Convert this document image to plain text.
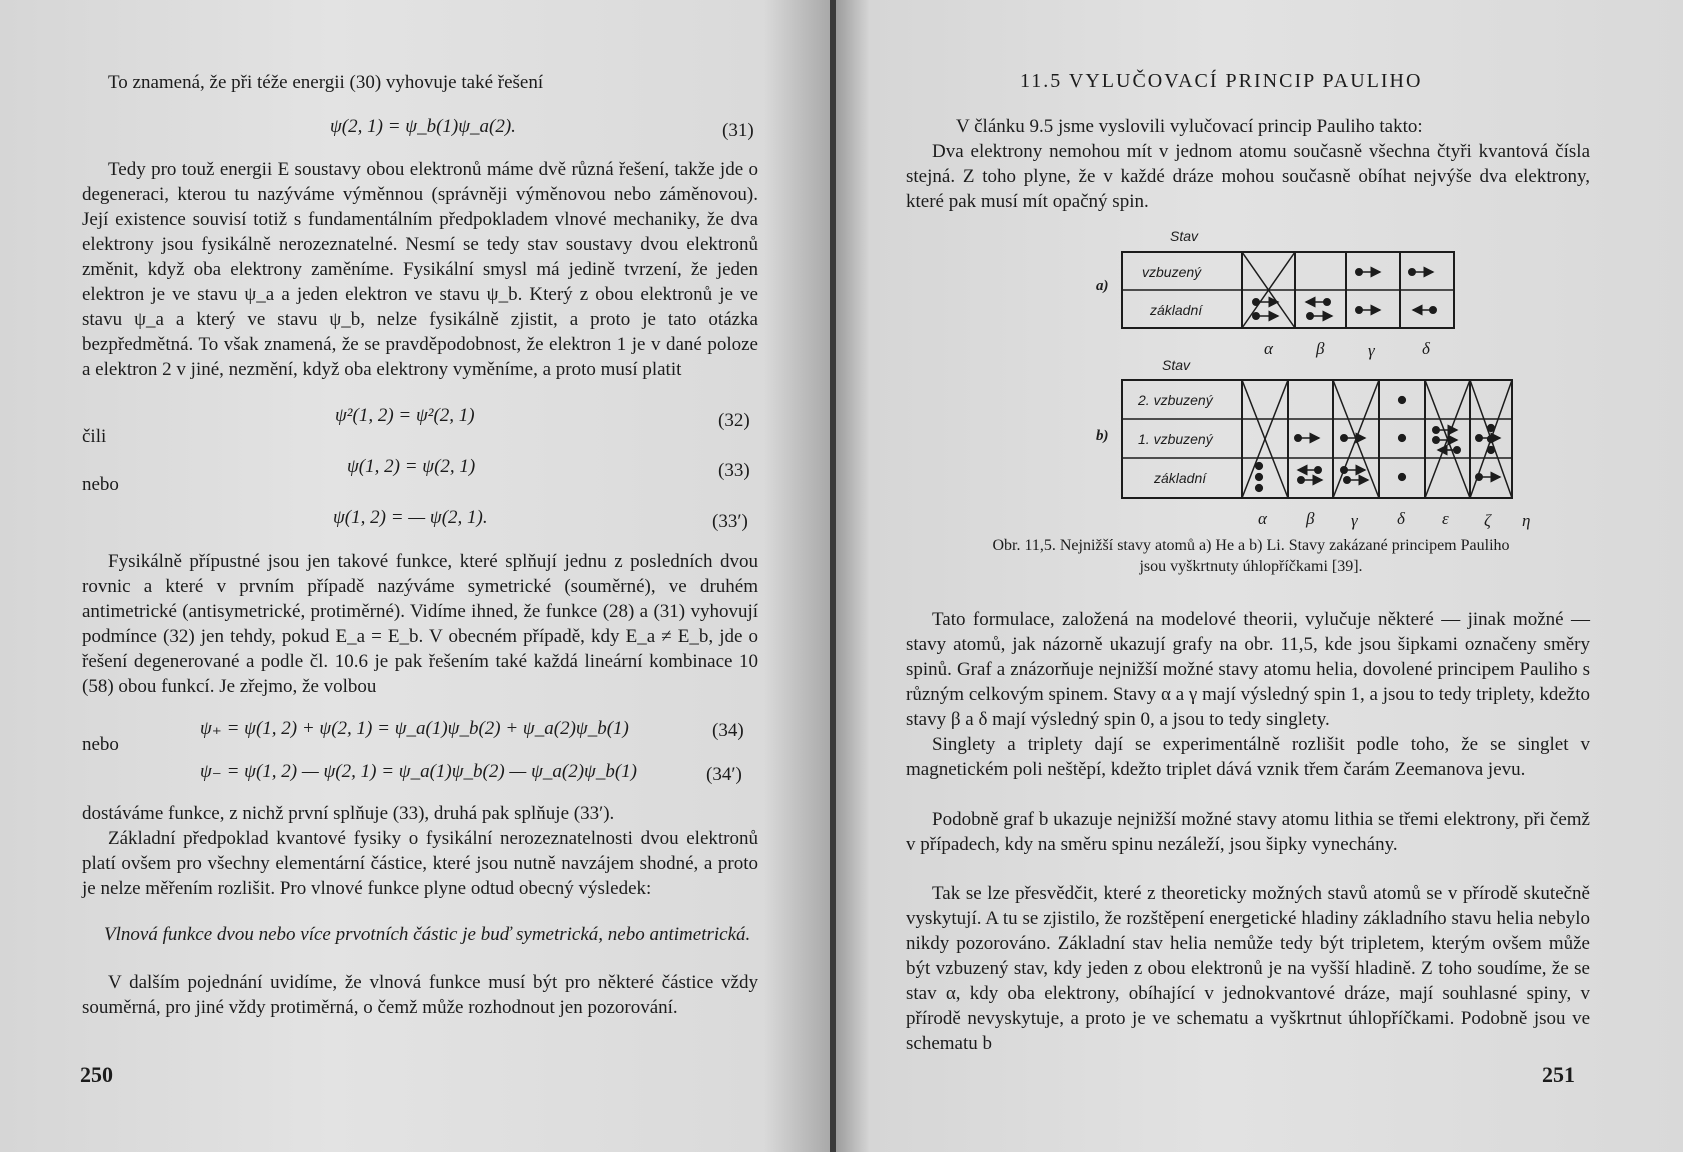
To znamená, že při téže energii (30) vyhovuje také řešení
ψ(2, 1) = ψ_b(1)ψ_a(2).	(31)
Tedy pro touž energii E soustavy obou elektronů máme dvě různá řešení, takže jde o degeneraci, kterou tu nazýváme výměnnou (správněji výměnovou nebo záměnovou). Její existence souvisí totiž s fundamentálním předpokladem vlnové mechaniky, že dva elektrony jsou fysikálně nerozeznatelné. Nesmí se tedy stav soustavy dvou elektronů změnit, když oba elektrony zaměníme. Fysikální smysl má jedině tvrzení, že jeden elektron je ve stavu ψ_a a jeden elektron ve stavu ψ_b. Který z obou elektronů je ve stavu ψ_a a který ve stavu ψ_b, nelze fysikálně zjistit, a proto je tato otázka bezpředmětná. To však znamená, že se pravděpodobnost, že elektron 1 je v dané poloze a elektron 2 v jiné, nezmění, když oba elektrony vyměníme, a proto musí platit
ψ²(1, 2) = ψ²(2, 1)	(32)
čili
ψ(1, 2) = ψ(2, 1)	(33)
nebo
ψ(1, 2) = — ψ(2, 1).	(33′)
Fysikálně přípustné jsou jen takové funkce, které splňují jednu z posledních dvou rovnic a které v prvním případě nazýváme symetrické (souměrné), ve druhém antimetrické (antisymetrické, protiměrné). Vidíme ihned, že funkce (28) a (31) vyhovují podmínce (32) jen tehdy, pokud E_a = E_b. V obecném případě, kdy E_a ≠ E_b, jde o řešení degenerované a podle čl. 10.6 je pak řešením také každá lineární kombinace 10 (58) obou funkcí. Je zřejmo, že volbou
ψ₊ = ψ(1, 2) + ψ(2, 1) = ψ_a(1)ψ_b(2) + ψ_a(2)ψ_b(1)	(34)
nebo
ψ₋ = ψ(1, 2) — ψ(2, 1) = ψ_a(1)ψ_b(2) — ψ_a(2)ψ_b(1)	(34′)
dostáváme funkce, z nichž první splňuje (33), druhá pak splňuje (33′).
Základní předpoklad kvantové fysiky o fysikální nerozeznatelnosti dvou elektronů platí ovšem pro všechny elementární částice, které jsou nutně navzájem shodné, a proto je nelze měřením rozlišit. Pro vlnové funkce plyne odtud obecný výsledek:
Vlnová funkce dvou nebo více prvotních částic je buď symetrická, nebo antimetrická.
V dalším pojednání uvidíme, že vlnová funkce musí být pro některé částice vždy souměrná, pro jiné vždy protiměrná, o čemž může rozhodnout jen pozorování.
250
11.5 VYLUČOVACÍ PRINCIP PAULIHO
V článku 9.5 jsme vyslovili vylučovací princip Pauliho takto:
Dva elektrony nemohou mít v jednom atomu současně všechna čtyři kvantová čísla stejná. Z toho plyne, že v každé dráze mohou současně obíhat nejvýše dva elektrony, které pak musí mít opačný spin.
Stav
a)
vzbuzený
základní
α	β	γ	δ
Stav
b)
2. vzbuzený
1. vzbuzený
základní
α β γ δ ε ζ η
Obr. 11,5. Nejnižší stavy atomů a) He a b) Li. Stavy zakázané principem Pauliho
jsou vyškrtnuty úhlopříčkami [39].
Tato formulace, založená na modelové theorii, vylučuje některé — jinak možné — stavy atomů, jak názorně ukazují grafy na obr. 11,5, kde jsou šipkami označeny směry spinů. Graf a znázorňuje nejnižší možné stavy atomu helia, dovolené principem Pauliho s různým celkovým spinem. Stavy α a γ mají výsledný spin 1, a jsou to tedy triplety, kdežto stavy β a δ mají výsledný spin 0, a jsou to tedy singlety.
Singlety a triplety dají se experimentálně rozlišit podle toho, že se singlet v magnetickém poli neštěpí, kdežto triplet dává vznik třem čarám Zeemanova jevu.
Podobně graf b ukazuje nejnižší možné stavy atomu lithia se třemi elektrony, při čemž v případech, kdy na směru spinu nezáleží, jsou šipky vynechány.
Tak se lze přesvědčit, které z theoreticky možných stavů atomů se v přírodě skutečně vyskytují. A tu se zjistilo, že rozštěpení energetické hladiny základního stavu helia nebylo nikdy pozorováno. Základní stav helia nemůže tedy být tripletem, kterým ovšem může být vzbuzený stav, kdy jeden z obou elektronů je na vyšší hladině. Z toho soudíme, že se stav α, kdy oba elektrony, obíhající v jednokvantové dráze, mají souhlasné spiny, v přírodě nevyskytuje, a proto je ve schematu a vyškrtnut úhlopříčkami. Podobně jsou ve schematu b
251
